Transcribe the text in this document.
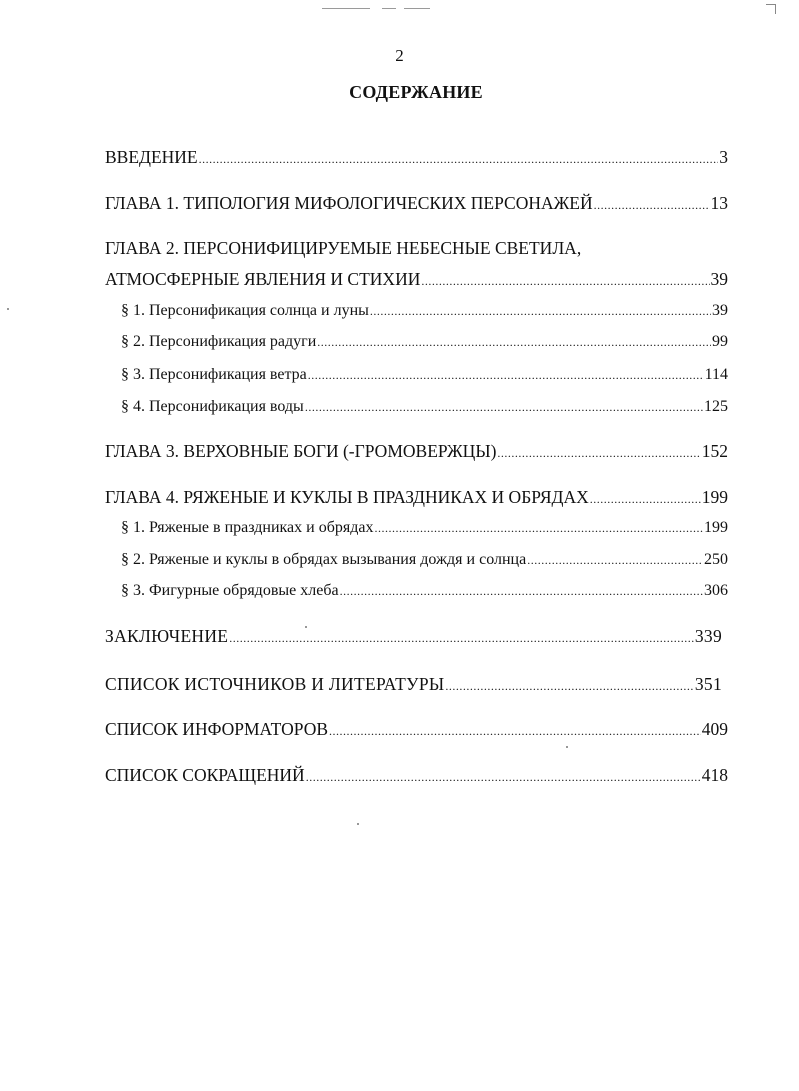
2
СОДЕРЖАНИЕ
ВВЕДЕНИЕ .....	3
ГЛАВА 1. ТИПОЛОГИЯ МИФОЛОГИЧЕСКИХ ПЕРСОНАЖЕЙ .....	13
ГЛАВА 2. ПЕРСОНИФИЦИРУЕМЫЕ НЕБЕСНЫЕ СВЕТИЛА,
АТМОСФЕРНЫЕ ЯВЛЕНИЯ И СТИХИИ .....	39
§ 1. Персонификация солнца и луны .....	39
§ 2. Персонификация радуги .....	99
§ 3. Персонификация ветра .....	114
§ 4. Персонификация воды .....	125
ГЛАВА 3. ВЕРХОВНЫЕ БОГИ (-ГРОМОВЕРЖЦЫ) .....	152
ГЛАВА 4. РЯЖЕНЫЕ И КУКЛЫ В ПРАЗДНИКАХ И ОБРЯДАХ .....	199
§ 1. Ряженые в праздниках и обрядах .....	199
§ 2. Ряженые и куклы в обрядах вызывания дождя и солнца .....	250
§ 3. Фигурные обрядовые хлеба .....	306
ЗАКЛЮЧЕНИЕ .....	339
СПИСОК ИСТОЧНИКОВ И ЛИТЕРАТУРЫ .....	351
СПИСОК ИНФОРМАТОРОВ .....	409
СПИСОК СОКРАЩЕНИЙ .....	418
